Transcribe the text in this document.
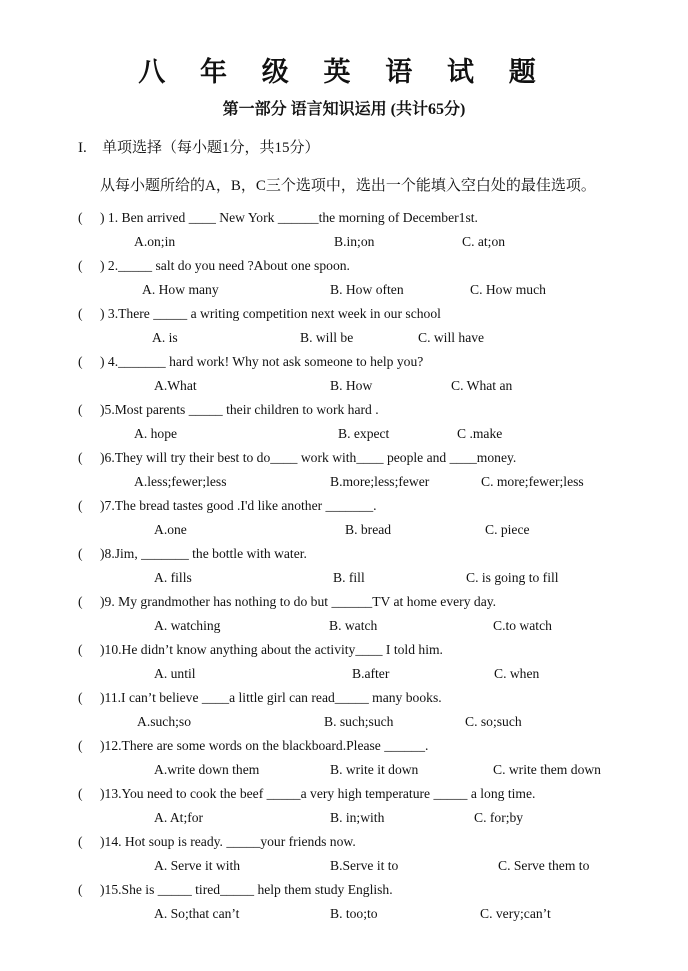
八 年 级 英 语 试 题
第一部分 语言知识运用 (共计65分)
I. 单项选择（每小题1分，共15分）
从每小题所给的A，B，C三个选项中，选出一个能填入空白处的最佳选项。
( ) 1. Ben arrived ____ New York ______the morning of December1st.
A.on;in	B.in;on	C. at;on
( ) 2._____ salt do you need ?About one spoon.
A. How many	B. How often	C. How much
( ) 3.There _____ a writing competition next week in our school
A. is	B. will be	C. will have
( ) 4._______ hard work! Why not ask someone to help you?
A.What	B. How	C. What an
( )5.Most parents _____ their children to work hard .
A. hope	B. expect	C .make
( )6.They will try their best to do____ work with____ people and ____money.
A.less;fewer;less	B.more;less;fewer	C. more;fewer;less
( )7.The bread tastes good .I'd like another _______.
A.one	B. bread	C. piece
( )8.Jim, _______ the bottle with water.
A. fills	B. fill	C. is going to fill
( )9. My grandmother has nothing to do but ______TV at home every day.
A. watching	B. watch	C.to watch
( )10.He didn’t know anything about the activity____ I told him.
A. until	B.after	C. when
( )11.I can’t believe ____a little girl can read_____ many books.
A.such;so	B. such;such	C. so;such
( )12.There are some words on the blackboard.Please ______.
A.write down them	B. write it down	C. write them down
( )13.You need to cook the beef _____a very high temperature _____ a long time.
A. At;for	B. in;with	C. for;by
( )14. Hot soup is ready. _____your friends now.
A. Serve it with	B.Serve it to	C. Serve them to
( )15.She is _____ tired_____ help them study English.
A. So;that can’t	B. too;to	C. very;can’t
